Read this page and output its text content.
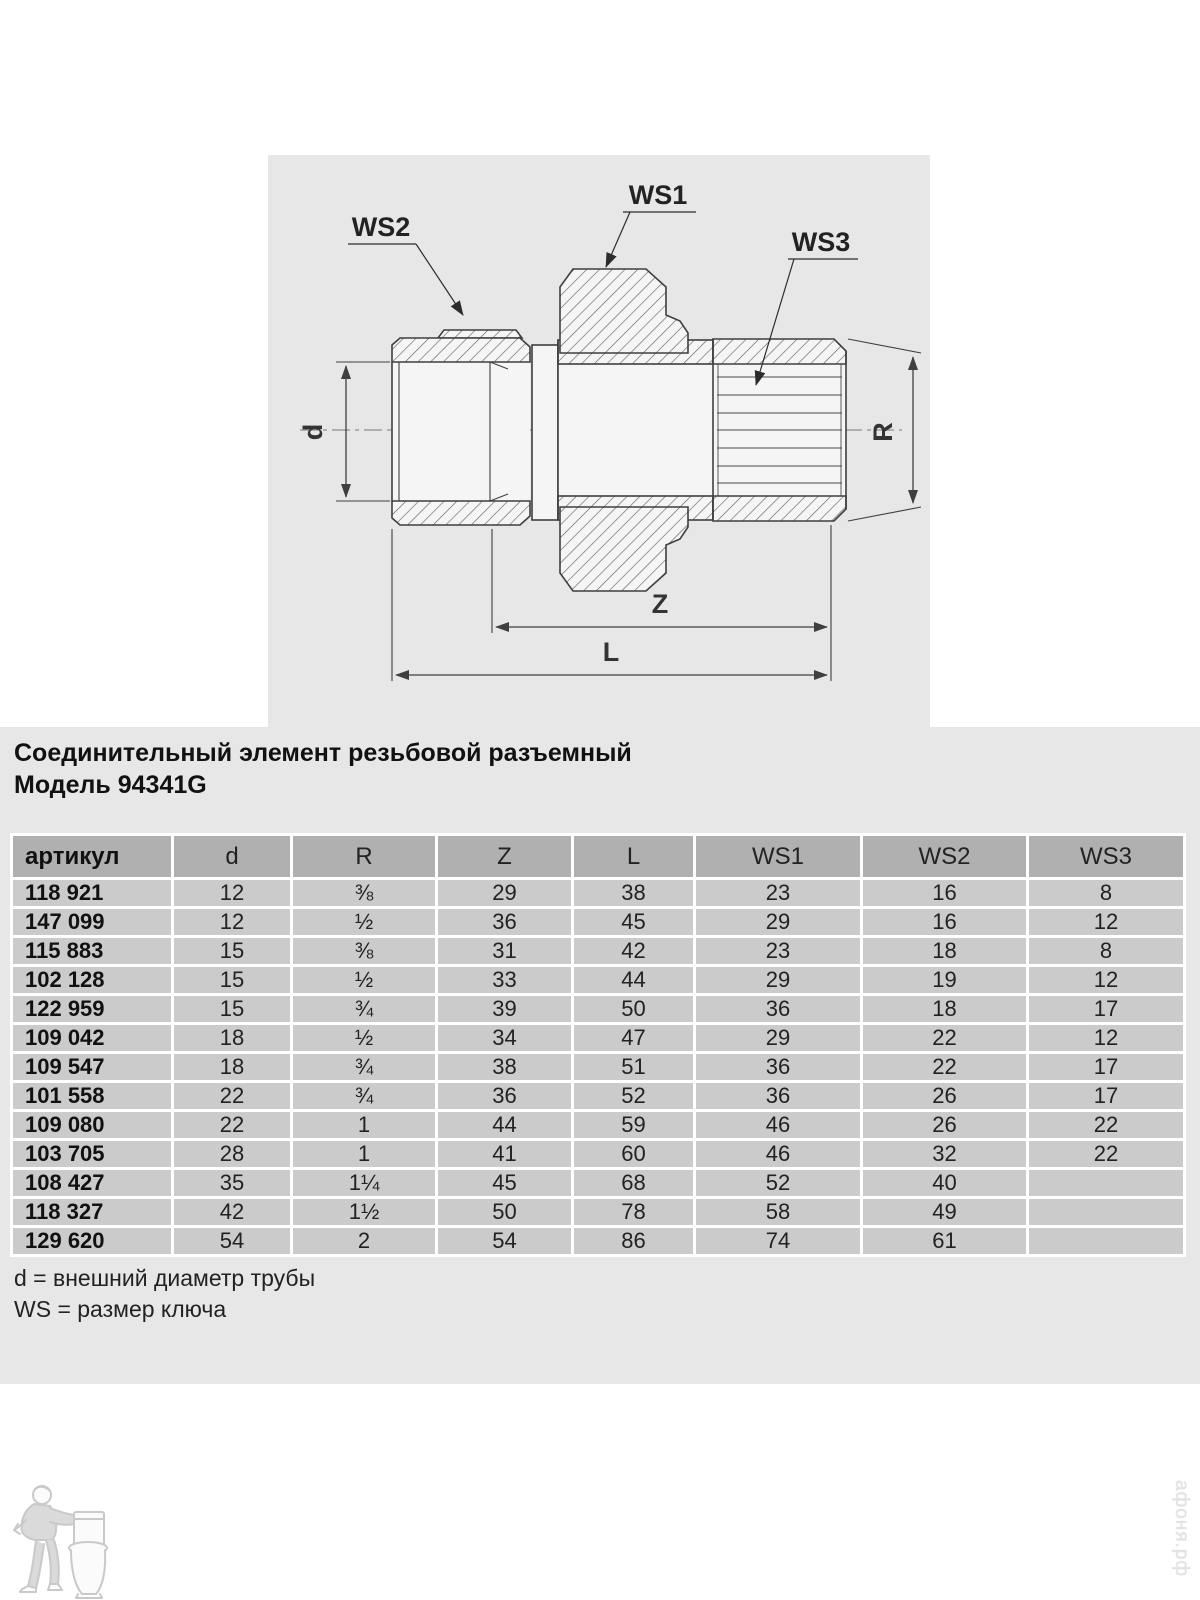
d	R
Z
L
WS2
WS1
WS3
Соединительный элемент резьбовой разъемный
Модель 94341G
артикул	d	R	Z	L	WS1	WS2	WS3
118 921	12	⅜	29	38	23	16	8
147 099	12	½	36	45	29	16	12
115 883	15	⅜	31	42	23	18	8
102 128	15	½	33	44	29	19	12
122 959	15	¾	39	50	36	18	17
109 042	18	½	34	47	29	22	12
109 547	18	¾	38	51	36	22	17
101 558	22	¾	36	52	36	26	17
109 080	22	1	44	59	46	26	22
103 705	28	1	41	60	46	32	22
108 427	35	1¼	45	68	52	40	
118 327	42	1½	50	78	58	49	
129 620	54	2	54	86	74	61	
d = внешний диаметр трубы
WS = размер ключа
афоня.рф
